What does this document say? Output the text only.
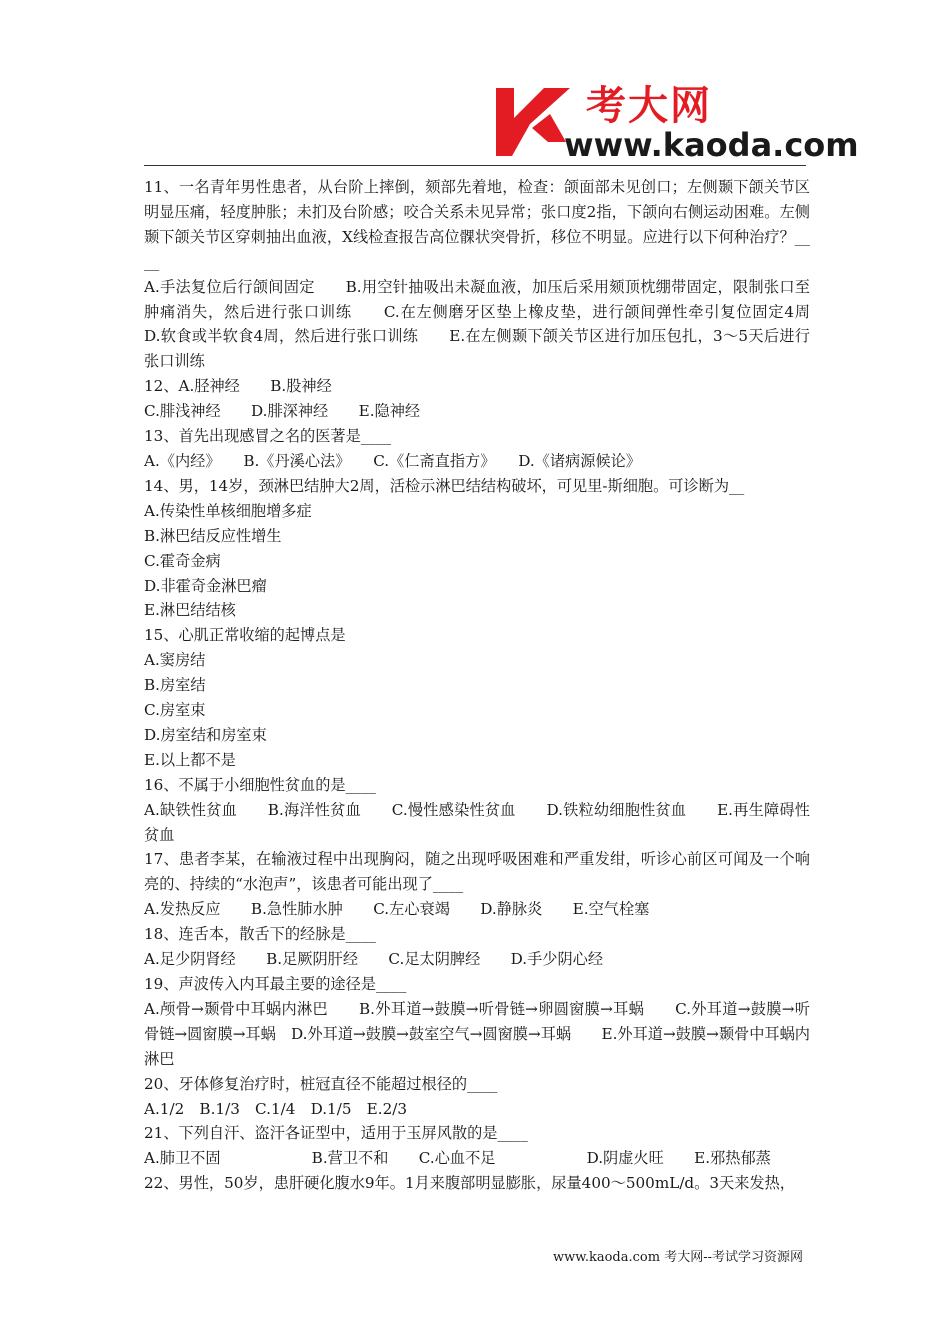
考大网
www.kaoda.com

11、一名青年男性患者，从台阶上摔倒，颏部先着地，检查：颌面部未见创口；左侧颞下颌关节区明显压痛，轻度肿胀；未扪及台阶感；咬合关系未见异常；张口度2指，下颌向右侧运动困难。左侧颞下颌关节区穿刺抽出血液，X线检查报告高位髁状突骨折，移位不明显。应进行以下何种治疗？____

A.手法复位后行颌间固定　　B.用空针抽吸出未凝血液，加压后采用颏顶枕绷带固定，限制张口至肿痛消失，然后进行张口训练　　C.在左侧磨牙区垫上橡皮垫，进行颌间弹性牵引复位固定4周　　D.软食或半软食4周，然后进行张口训练　　E.在左侧颞下颌关节区进行加压包扎，3～5天后进行张口训练

12、A.胫神经　　B.股神经

C.腓浅神经　　D.腓深神经　　E.隐神经

13、首先出现感冒之名的医著是____

A.《内经》　　B.《丹溪心法》　　C.《仁斋直指方》　　D.《诸病源候论》

14、男，14岁，颈淋巴结肿大2周，活检示淋巴结结构破坏，可见里-斯细胞。可诊断为__

A.传染性单核细胞增多症

B.淋巴结反应性增生

C.霍奇金病

D.非霍奇金淋巴瘤

E.淋巴结结核

15、心肌正常收缩的起博点是

A.窦房结

B.房室结

C.房室束

D.房室结和房室束

E.以上都不是

16、不属于小细胞性贫血的是____

A.缺铁性贫血　　B.海洋性贫血　　C.慢性感染性贫血　　D.铁粒幼细胞性贫血　　E.再生障碍性贫血

17、患者李某，在输液过程中出现胸闷，随之出现呼吸困难和严重发绀，听诊心前区可闻及一个响亮的、持续的“水泡声”，该患者可能出现了____

A.发热反应　　B.急性肺水肿　　C.左心衰竭　　D.静脉炎　　E.空气栓塞

18、连舌本，散舌下的经脉是____

A.足少阴肾经　　B.足厥阴肝经　　C.足太阴脾经　　D.手少阴心经

19、声波传入内耳最主要的途径是____

A.颅骨→颞骨中耳蜗内淋巴　　B.外耳道→鼓膜→听骨链→卵圆窗膜→耳蜗　　C.外耳道→鼓膜→听骨链→圆窗膜→耳蜗　D.外耳道→鼓膜→鼓室空气→圆窗膜→耳蜗　　E.外耳道→鼓膜→颞骨中耳蜗内淋巴

20、牙体修复治疗时，桩冠直径不能超过根径的____

A.1/2　B.1/3　C.1/4　D.1/5　E.2/3

21、下列自汗、盗汗各证型中，适用于玉屏风散的是____

A.肺卫不固　　　　　　B.营卫不和　　C.心血不足　　　　　　D.阴虚火旺　　E.邪热郁蒸

22、男性，50岁，患肝硬化腹水9年。1月来腹部明显膨胀，尿量400～500mL/d。3天来发热，

www.kaoda.com 考大网--考试学习资源网
